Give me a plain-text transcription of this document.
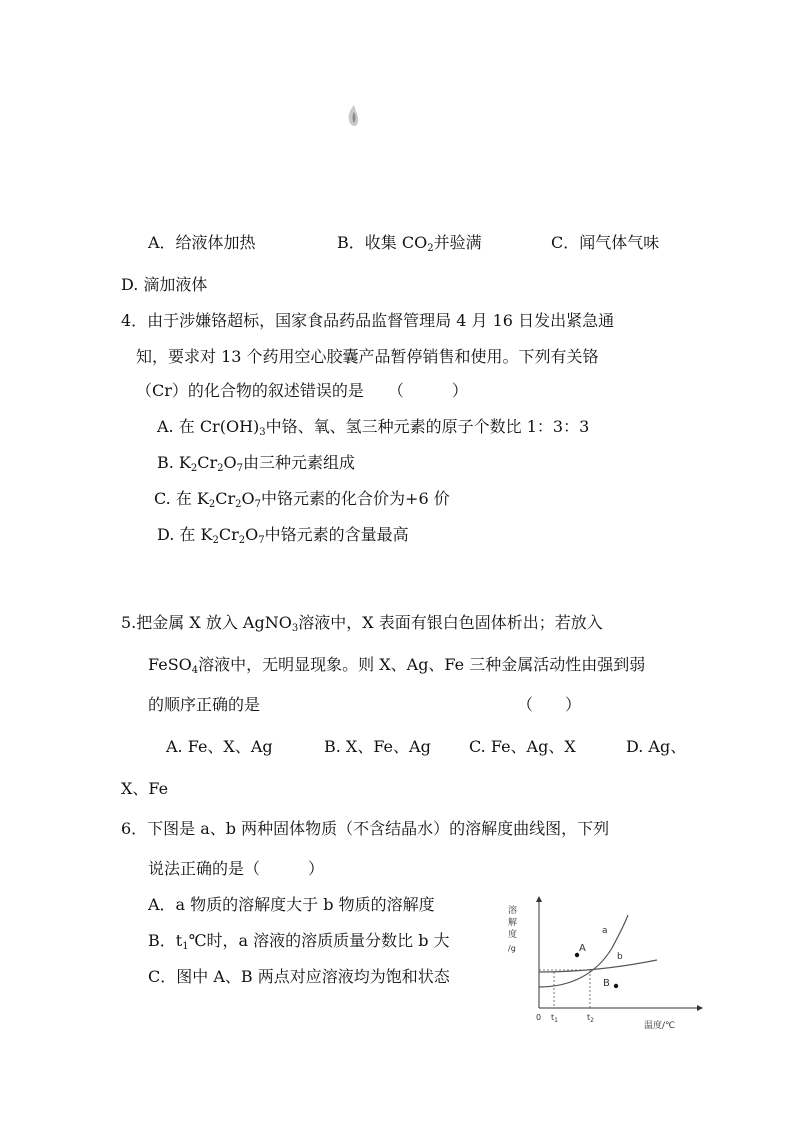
A．给液体加热	B．收集 $CO_2$并验满	C．闻气体气味
D. 滴加液体
4．由于涉嫌铬超标，国家食品药品监督管理局 4 月 16 日发出紧急通
知，要求对 13 个药用空心胶囊产品暂停销售和使用。下列有关铬
（Cr）的化合物的叙述错误的是　　（　　　）
A. 在 $Cr(OH)_3$中铬、氧、氢三种元素的原子个数比 1：3：3
B. $K_2Cr_2O_7$由三种元素组成
C. 在 $K_2Cr_2O_7$中铬元素的化合价为+6 价
D. 在 $K_2Cr_2O_7$中铬元素的含量最高
5.把金属 X 放入 AgNO$_3$溶液中，X 表面有银白色固体析出；若放入
FeSO$_4$溶液中，无明显现象。则 X、Ag、Fe 三种金属活动性由强到弱
的顺序正确的是	（　　）
A. Fe、X、Ag	B. X、Fe、Ag C. Fe、Ag、X	D. Ag、
X、Fe
6．下图是 a、b 两种固体物质（不含结晶水）的溶解度曲线图，下列
说法正确的是（　　　）
A．a 物质的溶解度大于 b 物质的溶解度
B．$t_1℃$时，a 溶液的溶质质量分数比 b 大
C．图中 A、B 两点对应溶液均为饱和状态
溶
解
度
/g
a
b
A
B
0 $t_1$	$t_2$
温度/℃
